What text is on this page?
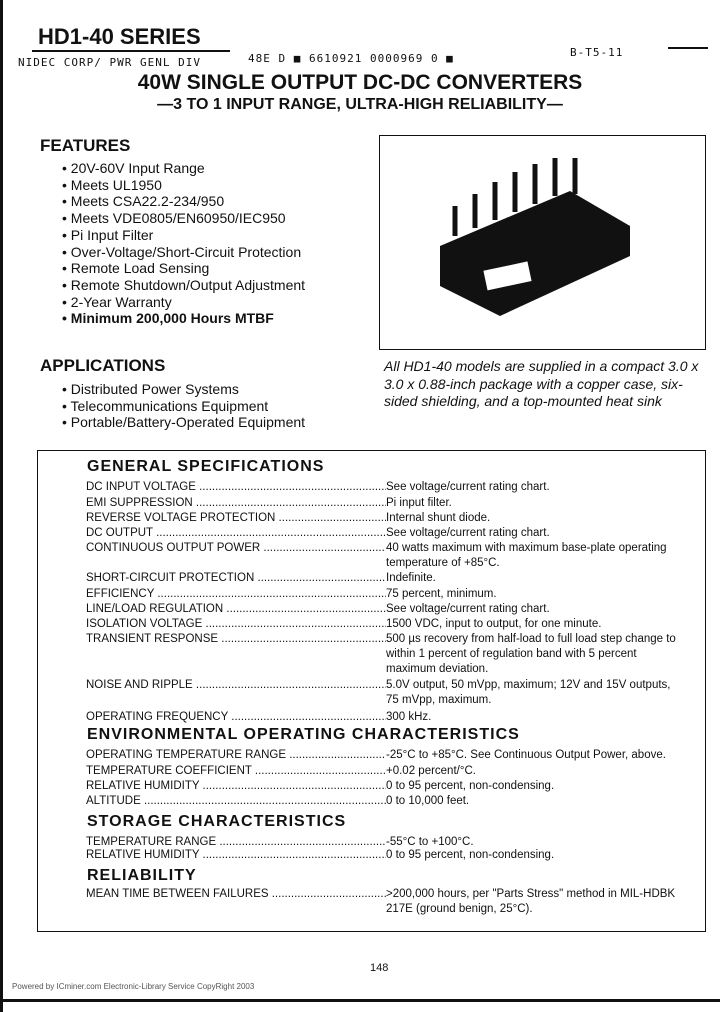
HD1-40 SERIES
NIDEC CORP/ PWR GENL DIV	48E D ■ 6610921 0000969 0 ■	B-T5-11
40W SINGLE OUTPUT DC-DC CONVERTERS
—3 TO 1 INPUT RANGE, ULTRA-HIGH RELIABILITY—
FEATURES
• 20V-60V Input Range
• Meets UL1950
• Meets CSA22.2-234/950
• Meets VDE0805/EN60950/IEC950
• Pi Input Filter
• Over-Voltage/Short-Circuit Protection
• Remote Load Sensing
• Remote Shutdown/Output Adjustment
• 2-Year Warranty
• Minimum 200,000 Hours MTBF
APPLICATIONS
• Distributed Power Systems
• Telecommunications Equipment
• Portable/Battery-Operated Equipment
All HD1-40 models are supplied in a compact 3.0 x 3.0 x 0.88-inch package with a copper case, six-sided shielding, and a top-mounted heat sink
GENERAL SPECIFICATIONS
DC INPUT VOLTAGE .....	See voltage/current rating chart.
EMI SUPPRESSION .....	Pi input filter.
REVERSE VOLTAGE PROTECTION .....	Internal shunt diode.
DC OUTPUT .....	See voltage/current rating chart.
CONTINUOUS OUTPUT POWER .....	40 watts maximum with maximum base-plate operating temperature of +85°C.
SHORT-CIRCUIT PROTECTION .....	Indefinite.
EFFICIENCY .....	75 percent, minimum.
LINE/LOAD REGULATION .....	See voltage/current rating chart.
ISOLATION VOLTAGE .....	1500 VDC, input to output, for one minute.
TRANSIENT RESPONSE .....	500 µs recovery from half-load to full load step change to within 1 percent of regulation band with 5 percent maximum deviation.
NOISE AND RIPPLE .....	5.0V output, 50 mVpp, maximum; 12V and 15V outputs, 75 mVpp, maximum.
OPERATING FREQUENCY .....	300 kHz.
ENVIRONMENTAL OPERATING CHARACTERISTICS
OPERATING TEMPERATURE RANGE .....	-25°C to +85°C. See Continuous Output Power, above.
TEMPERATURE COEFFICIENT .....	+0.02 percent/°C.
RELATIVE HUMIDITY .....	0 to 95 percent, non-condensing.
ALTITUDE .....	0 to 10,000 feet.
STORAGE CHARACTERISTICS
TEMPERATURE RANGE .....	-55°C to +100°C.
RELATIVE HUMIDITY .....	0 to 95 percent, non-condensing.
RELIABILITY
MEAN TIME BETWEEN FAILURES .....	>200,000 hours, per "Parts Stress" method in MIL-HDBK 217E (ground benign, 25°C).
148
Powered by ICminer.com Electronic-Library Service CopyRight 2003
